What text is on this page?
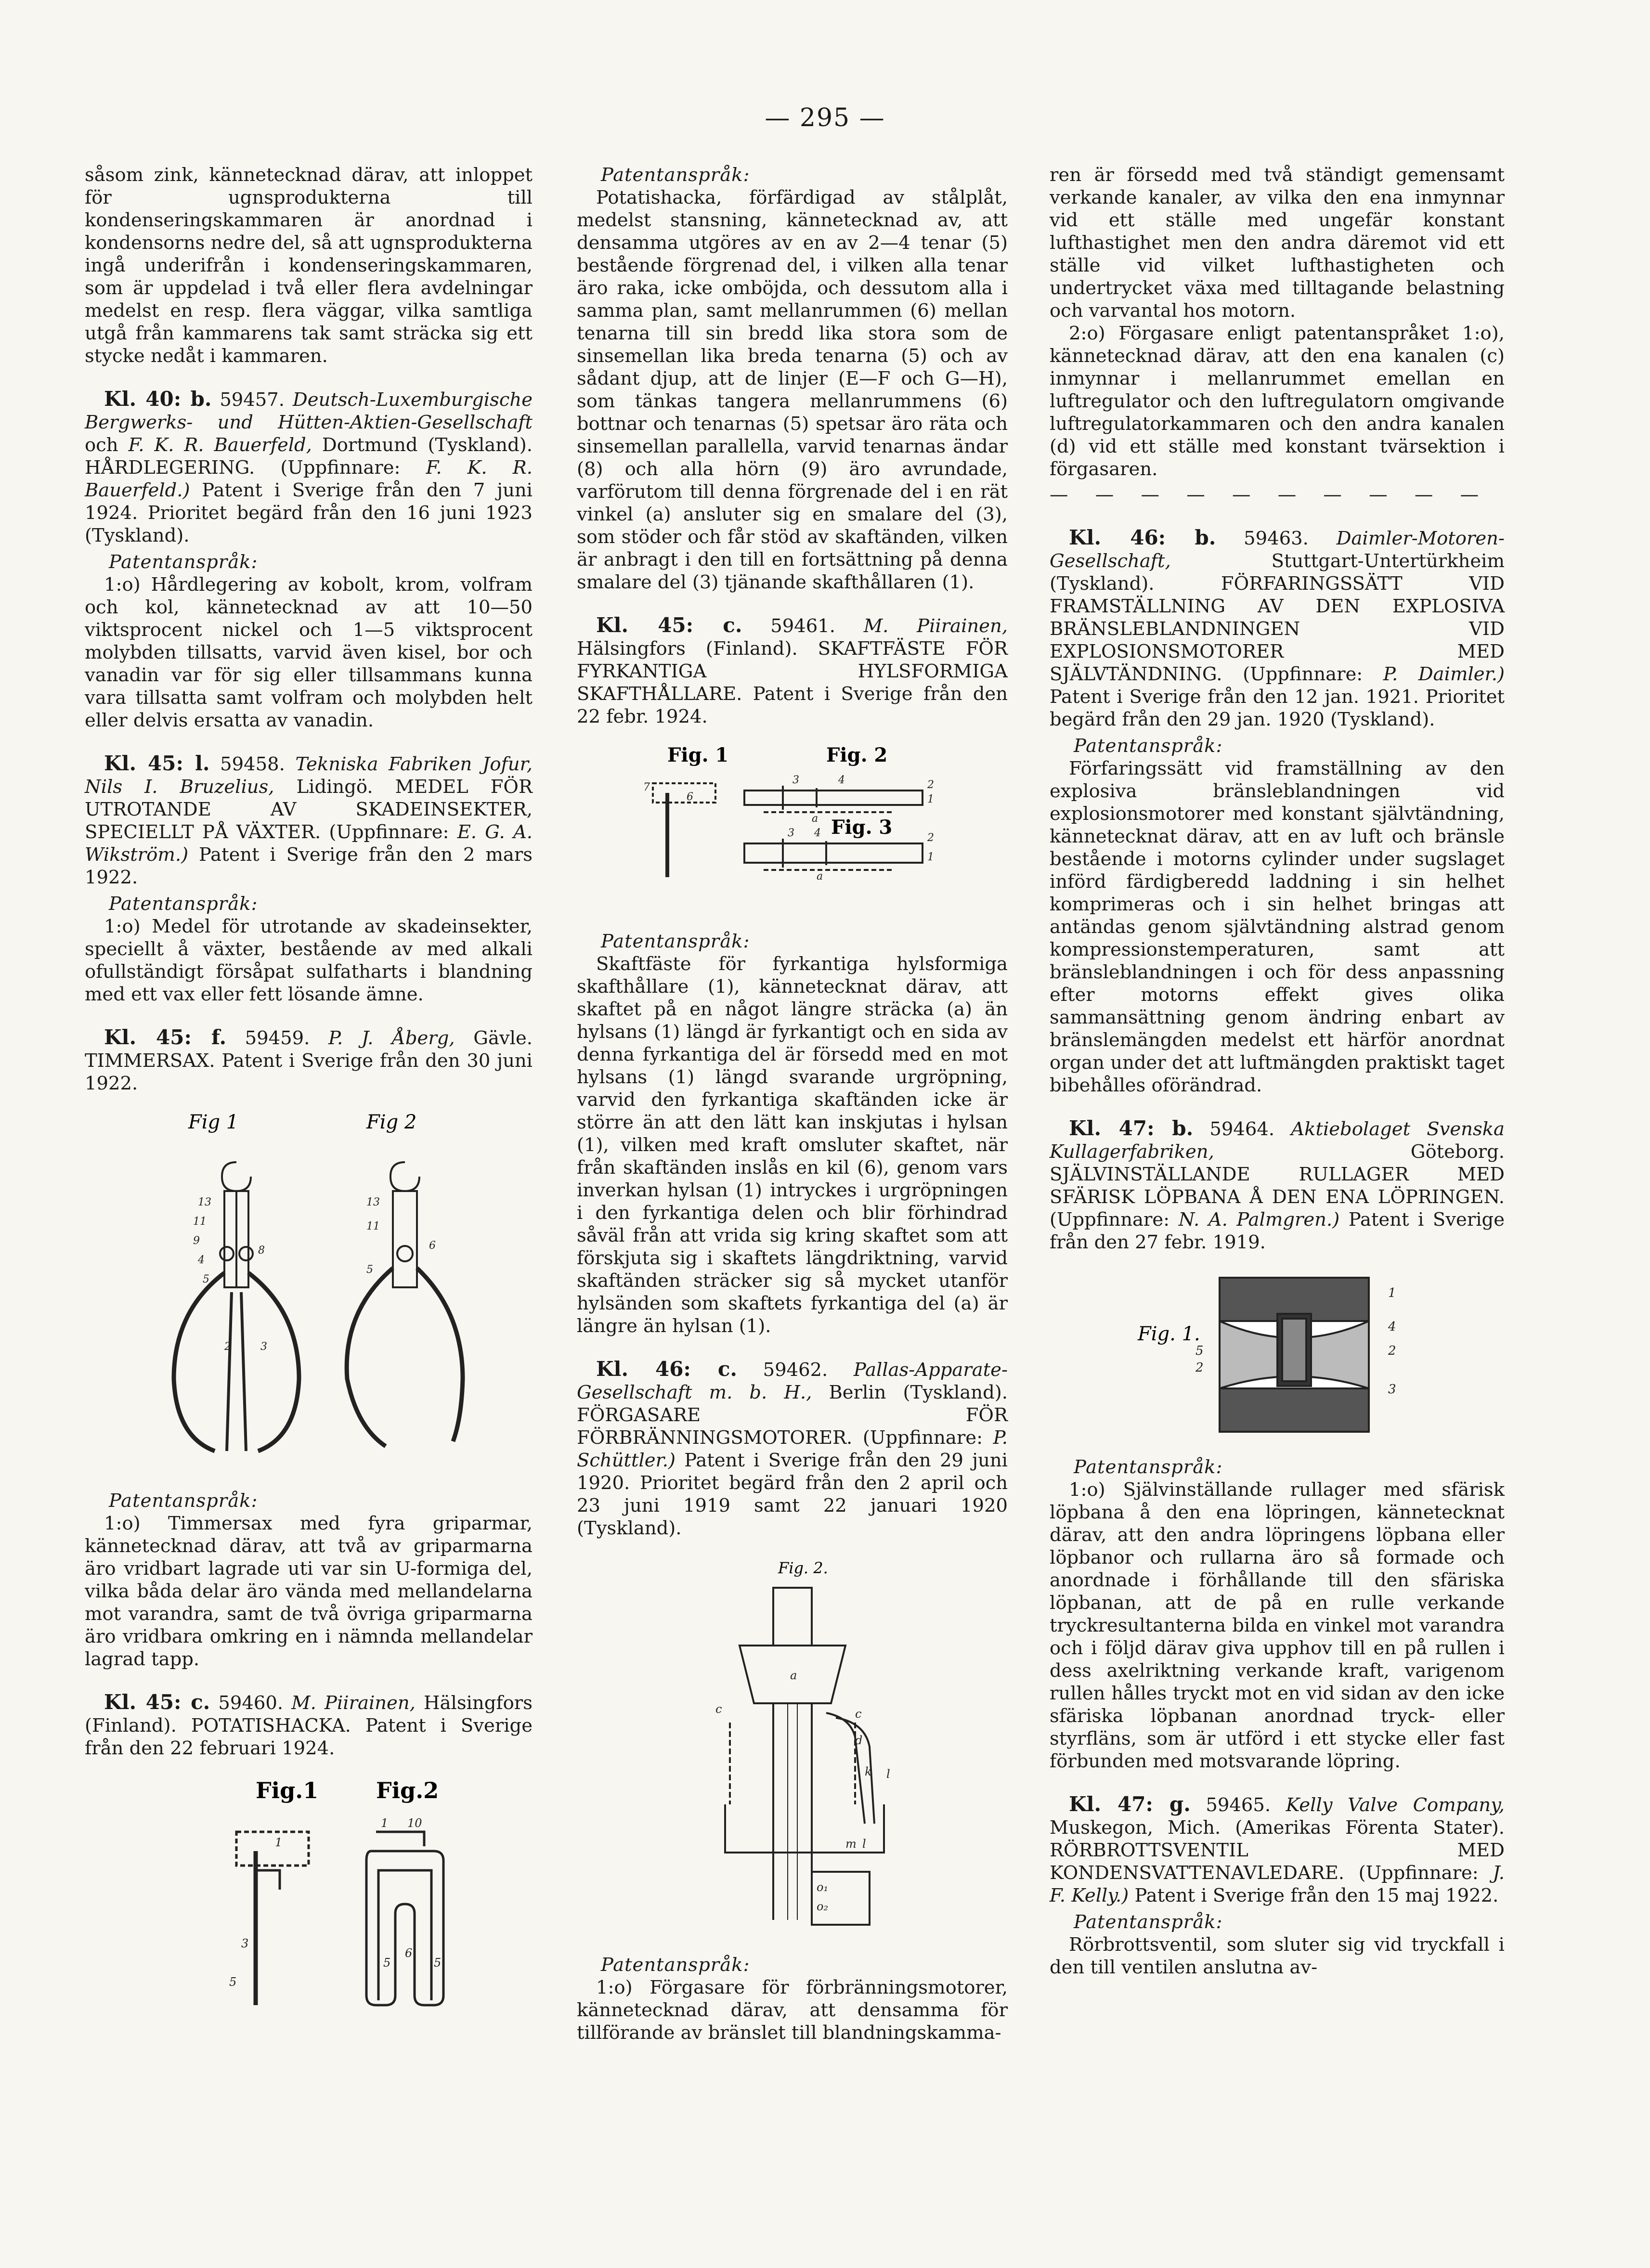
— 295 —

såsom zink, kännetecknad därav, att inloppet för ugnsprodukterna till kondenseringskammaren är anordnad i kondensorns nedre del, så att ugnsprodukterna ingå underifrån i kondenseringskammaren, som är uppdelad i två eller flera avdelningar medelst en resp. flera väggar, vilka samtliga utgå från kammarens tak samt sträcka sig ett stycke nedåt i kammaren.

Kl. 40: b. 59457. Deutsch-Luxemburgische Bergwerks- und Hütten-Aktien-Gesellschaft och F. K. R. Bauerfeld, Dortmund (Tyskland). HÅRDLEGERING. (Uppfinnare: F. K. R. Bauerfeld.) Patent i Sverige från den 7 juni 1924. Prioritet begärd från den 16 juni 1923 (Tyskland).

Patentanspråk:

1:o) Hårdlegering av kobolt, krom, volfram och kol, kännetecknad av att 10—50 viktsprocent nickel och 1—5 viktsprocent molybden tillsatts, varvid även kisel, bor och vanadin var för sig eller tillsammans kunna vara tillsatta samt volfram och molybden helt eller delvis ersatta av vanadin.

Kl. 45: l. 59458. Tekniska Fabriken Jofur, Nils I. Bruzelius, Lidingö. MEDEL FÖR UTROTANDE AV SKADEINSEKTER, SPECIELLT PÅ VÄXTER. (Uppfinnare: E. G. A. Wikström.) Patent i Sverige från den 2 mars 1922.

Patentanspråk:

1:o) Medel för utrotande av skadeinsekter, speciellt å växter, bestående av med alkali ofullständigt försåpat sulfatharts i blandning med ett vax eller fett lösande ämne.

Kl. 45: f. 59459. P. J. Åberg, Gävle. TIMMERSAX. Patent i Sverige från den 30 juni 1922.

Fig 1	Fig 2
13
11
9
4
5
8
2	3
13
11
6
5

Patentanspråk:

1:o) Timmersax med fyra griparmar, kännetecknad därav, att två av griparmarna äro vridbart lagrade uti var sin U-formiga del, vilka båda delar äro vända med mellandelarna mot varandra, samt de två övriga griparmarna äro vridbara omkring en i nämnda mellandelar lagrad tapp.

Kl. 45: c. 59460. M. Piirainen, Hälsingfors (Finland). POTATISHACKA. Patent i Sverige från den 22 februari 1924.

Fig.1	Fig.2
1
3
5
1 10
6
5	5

Patentanspråk:

Potatishacka, förfärdigad av stålplåt, medelst stansning, kännetecknad av, att densamma utgöres av en av 2—4 tenar (5) bestående förgrenad del, i vilken alla tenar äro raka, icke omböjda, och dessutom alla i samma plan, samt mellanrummen (6) mellan tenarna till sin bredd lika stora som de sinsemellan lika breda tenarna (5) och av sådant djup, att de linjer (E—F och G—H), som tänkas tangera mellanrummens (6) bottnar och tenarnas (5) spetsar äro räta och sinsemellan parallella, varvid tenarnas ändar (8) och alla hörn (9) äro avrundade, varförutom till denna förgrenade del i en rät vinkel (a) ansluter sig en smalare del (3), som stöder och får stöd av skaftänden, vilken är anbragt i den till en fortsättning på denna smalare del (3) tjänande skafthållaren (1).

Kl. 45: c. 59461. M. Piirainen, Hälsingfors (Finland). SKAFTFÄSTE FÖR FYRKANTIGA HYLSFORMIGA SKAFTHÅLLARE. Patent i Sverige från den 22 febr. 1924.

Fig. 1	Fig. 2
Fig. 3
7
6
3	4	2
1
a
3 4	2
1
a

Patentanspråk:

Skaftfäste för fyrkantiga hylsformiga skafthållare (1), kännetecknat därav, att skaftet på en något längre sträcka (a) än hylsans (1) längd är fyrkantigt och en sida av denna fyrkantiga del är försedd med en mot hylsans (1) längd svarande urgröpning, varvid den fyrkantiga skaftänden icke är större än att den lätt kan inskjutas i hylsan (1), vilken med kraft omsluter skaftet, när från skaftänden inslås en kil (6), genom vars inverkan hylsan (1) intryckes i urgröpningen i den fyrkantiga delen och blir förhindrad såväl från att vrida sig kring skaftet som att förskjuta sig i skaftets längdriktning, varvid skaftänden sträcker sig så mycket utanför hylsänden som skaftets fyrkantiga del (a) är längre än hylsan (1).

Kl. 46: c. 59462. Pallas-Apparate-Gesellschaft m. b. H., Berlin (Tyskland). FÖRGASARE FÖR FÖRBRÄNNINGSMOTORER. (Uppfinnare: P. Schüttler.) Patent i Sverige från den 29 juni 1920. Prioritet begärd från den 2 april och 23 juni 1919 samt 22 januari 1920 (Tyskland).

Fig. 2.
a
c	c
d
k l
m l
o₁
o₂

Patentanspråk:

1:o) Förgasare för förbränningsmotorer, kännetecknad därav, att densamma för tillförande av bränslet till blandningskamma-

ren är försedd med två ständigt gemensamt verkande kanaler, av vilka den ena inmynnar vid ett ställe med ungefär konstant lufthastighet men den andra däremot vid ett ställe vid vilket lufthastigheten och undertrycket växa med tilltagande belastning och varvantal hos motorn.

2:o) Förgasare enligt patentanspråket 1:o), kännetecknad därav, att den ena kanalen (c) inmynnar i mellanrummet emellan en luftregulator och den luftregulatorn omgivande luftregulatorkammaren och den andra kanalen (d) vid ett ställe med konstant tvärsektion i förgasaren.

— — — — — — — — — —

Kl. 46: b. 59463. Daimler-Motoren-Gesellschaft,	Stuttgart-Untertürkheim (Tyskland). FÖRFARINGSSÄTT VID FRAMSTÄLLNING AV DEN EXPLOSIVA BRÄNSLEBLANDNINGEN VID EXPLOSIONSMOTORER MED SJÄLVTÄNDNING. (Uppfinnare: P. Daimler.) Patent i Sverige från den 12 jan. 1921. Prioritet begärd från den 29 jan. 1920 (Tyskland).

Patentanspråk:

Förfaringssätt vid framställning av den explosiva bränsleblandningen vid explosionsmotorer med konstant självtändning, kännetecknat därav, att en av luft och bränsle bestående i motorns cylinder under sugslaget införd färdigberedd laddning i sin helhet komprimeras och i sin helhet bringas att antändas genom självtändning alstrad genom kompressionstemperaturen, samt att bränsleblandningen i och för dess anpassning efter motorns effekt gives olika sammansättning genom ändring enbart av bränslemängden medelst ett härför anordnat organ under det att luftmängden praktiskt taget bibehålles oförändrad.

Kl. 47: b. 59464. Aktiebolaget Svenska Kullagerfabriken,	Göteborg. SJÄLVINSTÄLLANDE RULLAGER MED SFÄRISK LÖPBANA Å DEN ENA LÖPRINGEN. (Uppfinnare: N. A. Palmgren.) Patent i Sverige från den 27 febr. 1919.

Fig. 1.
1
4
2
3
5
2

Patentanspråk:

1:o) Självinställande rullager med sfärisk löpbana å den ena löpringen, kännetecknat därav, att den andra löpringens löpbana eller löpbanor och rullarna äro så formade och anordnade i förhållande till den sfäriska löpbanan, att de på en rulle verkande tryckresultanterna bilda en vinkel mot varandra och i följd därav giva upphov till en på rullen i dess axelriktning verkande kraft, varigenom rullen hålles tryckt mot en vid sidan av den icke sfäriska löpbanan anordnad tryck- eller styrfläns, som är utförd i ett stycke eller fast förbunden med motsvarande löpring.

Kl. 47: g. 59465. Kelly Valve Company, Muskegon, Mich. (Amerikas Förenta Stater). RÖRBROTTSVENTIL MED KONDENSVATTENAVLEDARE. (Uppfinnare: J. F. Kelly.) Patent i Sverige från den 15 maj 1922.

Patentanspråk:

Rörbrottsventil, som sluter sig vid tryckfall i den till ventilen anslutna av-
